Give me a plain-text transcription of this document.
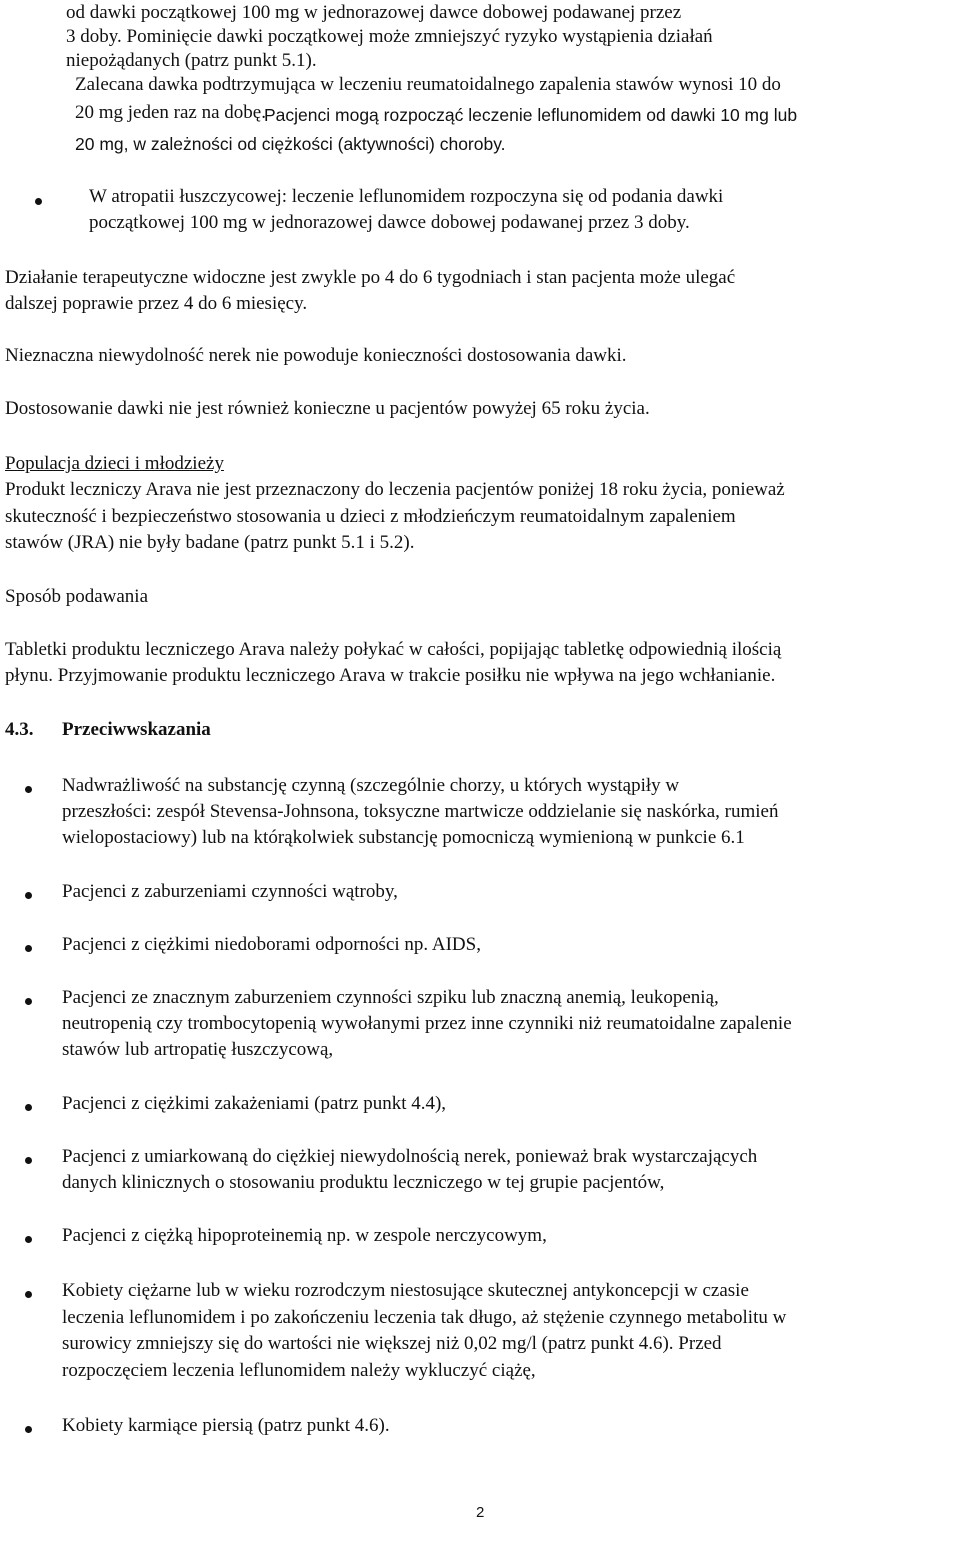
od dawki początkowej 100 mg w jednorazowej dawce dobowej podawanej przez

3 doby. Pominięcie dawki początkowej może zmniejszyć ryzyko wystąpienia działań

niepożądanych (patrz punkt 5.1).

Zalecana dawka podtrzymująca w leczeniu reumatoidalnego zapalenia stawów wynosi 10 do

20 mg jeden raz na dobę.

Pacjenci mogą rozpocząć leczenie leflunomidem od dawki 10 mg lub

20 mg, w zależności od ciężkości (aktywności) choroby.

W atropatii łuszczycowej: leczenie leflunomidem rozpoczyna się od podania dawki

początkowej 100 mg w jednorazowej dawce dobowej podawanej przez 3 doby.

Działanie terapeutyczne widoczne jest zwykle po 4 do 6 tygodniach i stan pacjenta może ulegać

dalszej poprawie przez 4 do 6 miesięcy.

Nieznaczna niewydolność nerek nie powoduje konieczności dostosowania dawki.

Dostosowanie dawki nie jest również konieczne u pacjentów powyżej 65 roku życia.

Populacja dzieci i młodzieży

Produkt leczniczy Arava nie jest przeznaczony do leczenia pacjentów poniżej 18 roku życia, ponieważ

skuteczność i bezpieczeństwo stosowania u dzieci z młodzieńczym reumatoidalnym zapaleniem

stawów (JRA) nie były badane (patrz punkt 5.1 i 5.2).

Sposób podawania

Tabletki produktu leczniczego Arava należy połykać w całości, popijając tabletkę odpowiednią ilością

płynu. Przyjmowanie produktu leczniczego Arava w trakcie posiłku nie wpływa na jego wchłanianie.

4.3. Przeciwwskazania

Nadwrażliwość na substancję czynną (szczególnie chorzy, u których wystąpiły w

przeszłości: zespół Stevensa-Johnsona, toksyczne martwicze oddzielanie się naskórka, rumień

wielopostaciowy) lub na którąkolwiek substancję pomocniczą wymienioną w punkcie 6.1

Pacjenci z zaburzeniami czynności wątroby,

Pacjenci z ciężkimi niedoborami odporności np. AIDS,

Pacjenci ze znacznym zaburzeniem czynności szpiku lub znaczną anemią, leukopenią,

neutropenią czy trombocytopenią wywołanymi przez inne czynniki niż reumatoidalne zapalenie

stawów lub artropatię łuszczycową,

Pacjenci z ciężkimi zakażeniami (patrz punkt 4.4),

Pacjenci z umiarkowaną do ciężkiej niewydolnością nerek, ponieważ brak wystarczających

danych klinicznych o stosowaniu produktu leczniczego w tej grupie pacjentów,

Pacjenci z ciężką hipoproteinemią np. w zespole nerczycowym,

Kobiety ciężarne lub w wieku rozrodczym niestosujące skutecznej antykoncepcji w czasie

leczenia leflunomidem i po zakończeniu leczenia tak długo, aż stężenie czynnego metabolitu w

surowicy zmniejszy się do wartości nie większej niż 0,02 mg/l (patrz punkt 4.6). Przed

rozpoczęciem leczenia leflunomidem należy wykluczyć ciążę,

Kobiety karmiące piersią (patrz punkt 4.6).

2
